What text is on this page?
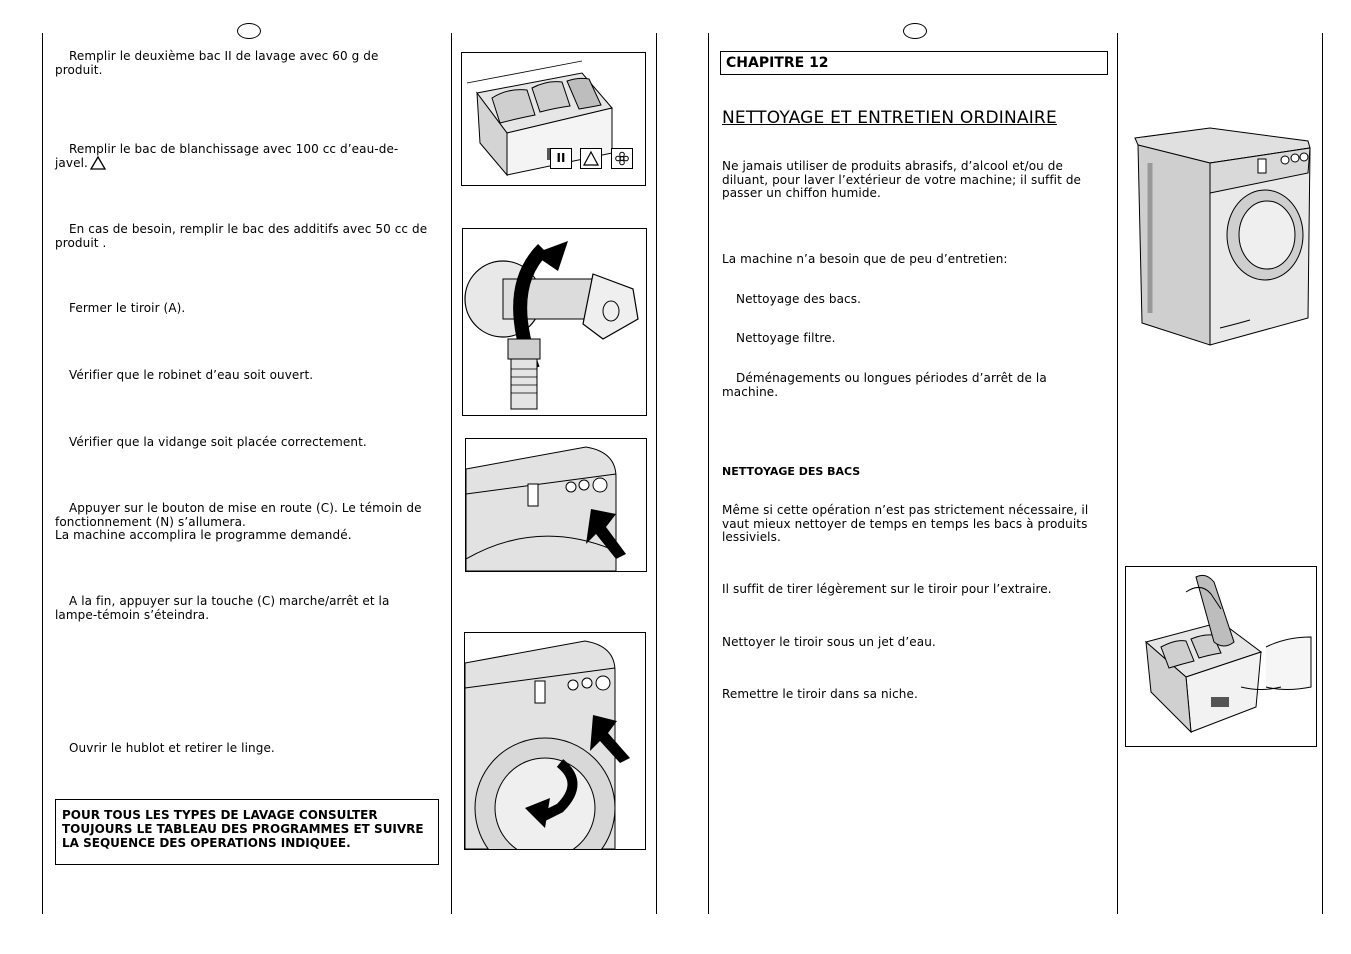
Remplir le deuxième bac II de lavage avec 60 g de
produit.
Remplir le bac de blanchissage avec 100 cc d’eau-de-
javel.
En cas de besoin, remplir le bac des additifs avec 50 cc de
produit .
Fermer le tiroir (A).
Vérifier que le robinet d’eau soit ouvert.
Vérifier que la vidange soit placée correctement.
Appuyer sur le bouton de mise en route (C). Le témoin de
fonctionnement (N) s’allumera.
La machine accomplira le programme demandé.
A la fin, appuyer sur la touche (C) marche/arrêt et la
lampe-témoin s’éteindra.
Ouvrir le hublot et retirer le linge.
POUR TOUS LES TYPES DE LAVAGE CONSULTER
TOUJOURS LE TABLEAU DES PROGRAMMES ET SUIVRE
LA SEQUENCE DES OPERATIONS INDIQUEE.
II
CHAPITRE 12
NETTOYAGE ET ENTRETIEN ORDINAIRE
Ne jamais utiliser de produits abrasifs, d’alcool et/ou de
diluant, pour laver l’extérieur de votre machine; il suffit de
passer un chiffon humide.
La machine n’a besoin que de peu d’entretien:
Nettoyage des bacs.
Nettoyage filtre.
Déménagements ou longues périodes d’arrêt de la
machine.
NETTOYAGE DES BACS
Même si cette opération n’est pas strictement nécessaire, il
vaut mieux nettoyer de temps en temps les bacs à produits
lessiviels.
Il suffit de tirer légèrement sur le tiroir pour l’extraire.
Nettoyer le tiroir sous un jet d’eau.
Remettre le tiroir dans sa niche.
